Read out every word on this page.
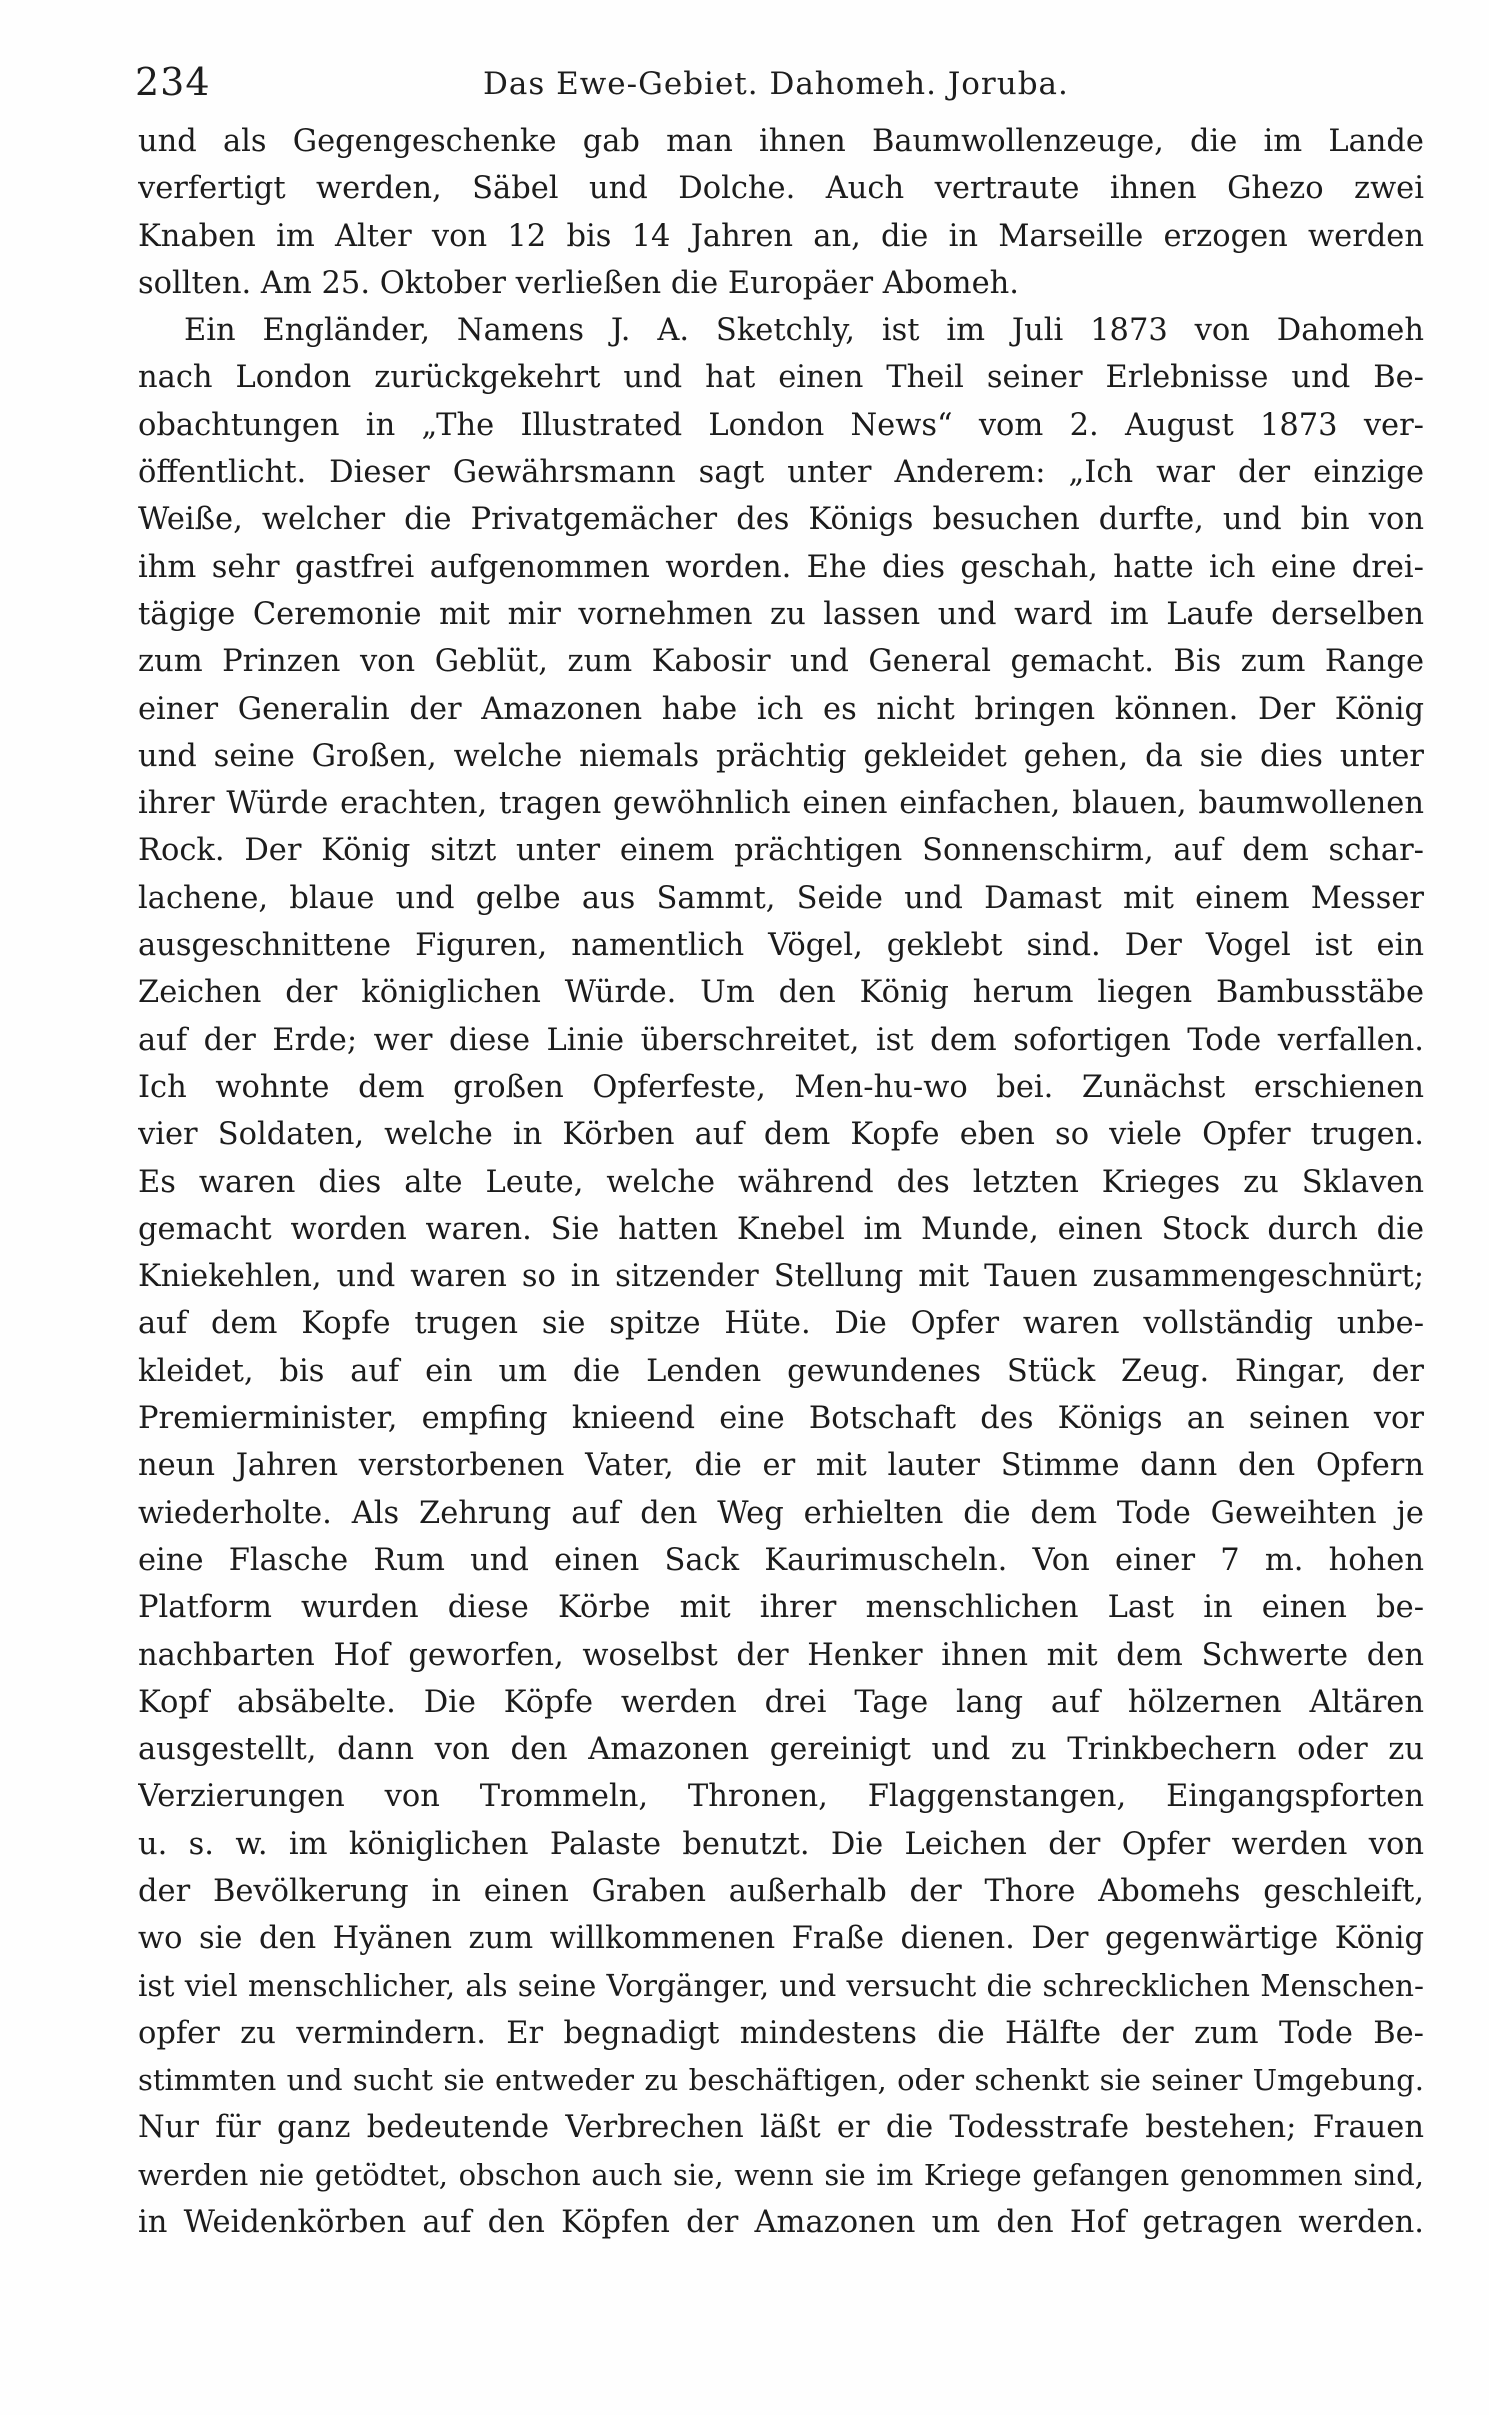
234	Das Ewe-Gebiet. Dahomeh. Joruba.
und als Gegengeschenke gab man ihnen Baumwollenzeuge, die im Lande
verfertigt werden, Säbel und Dolche. Auch vertraute ihnen Ghezo zwei
Knaben im Alter von 12 bis 14 Jahren an, die in Marseille erzogen werden
sollten. Am 25. Oktober verließen die Europäer Abomeh.
Ein Engländer, Namens J. A. Sketchly, ist im Juli 1873 von Dahomeh
nach London zurückgekehrt und hat einen Theil seiner Erlebnisse und Be-
obachtungen in „The Illustrated London News“ vom 2. August 1873 ver-
öffentlicht. Dieser Gewährsmann sagt unter Anderem: „Ich war der einzige
Weiße, welcher die Privatgemächer des Königs besuchen durfte, und bin von
ihm sehr gastfrei aufgenommen worden. Ehe dies geschah, hatte ich eine drei-
tägige Ceremonie mit mir vornehmen zu lassen und ward im Laufe derselben
zum Prinzen von Geblüt, zum Kabosir und General gemacht. Bis zum Range
einer Generalin der Amazonen habe ich es nicht bringen können. Der König
und seine Großen, welche niemals prächtig gekleidet gehen, da sie dies unter
ihrer Würde erachten, tragen gewöhnlich einen einfachen, blauen, baumwollenen
Rock. Der König sitzt unter einem prächtigen Sonnenschirm, auf dem schar-
lachene, blaue und gelbe aus Sammt, Seide und Damast mit einem Messer
ausgeschnittene Figuren, namentlich Vögel, geklebt sind. Der Vogel ist ein
Zeichen der königlichen Würde. Um den König herum liegen Bambusstäbe
auf der Erde; wer diese Linie überschreitet, ist dem sofortigen Tode verfallen.
Ich wohnte dem großen Opferfeste, Men-hu-wo bei. Zunächst erschienen
vier Soldaten, welche in Körben auf dem Kopfe eben so viele Opfer trugen.
Es waren dies alte Leute, welche während des letzten Krieges zu Sklaven
gemacht worden waren. Sie hatten Knebel im Munde, einen Stock durch die
Kniekehlen, und waren so in sitzender Stellung mit Tauen zusammengeschnürt;
auf dem Kopfe trugen sie spitze Hüte. Die Opfer waren vollständig unbe-
kleidet, bis auf ein um die Lenden gewundenes Stück Zeug. Ringar, der
Premierminister, empfing knieend eine Botschaft des Königs an seinen vor
neun Jahren verstorbenen Vater, die er mit lauter Stimme dann den Opfern
wiederholte. Als Zehrung auf den Weg erhielten die dem Tode Geweihten je
eine Flasche Rum und einen Sack Kaurimuscheln. Von einer 7 m. hohen
Platform wurden diese Körbe mit ihrer menschlichen Last in einen be-
nachbarten Hof geworfen, woselbst der Henker ihnen mit dem Schwerte den
Kopf absäbelte. Die Köpfe werden drei Tage lang auf hölzernen Altären
ausgestellt, dann von den Amazonen gereinigt und zu Trinkbechern oder zu
Verzierungen von Trommeln, Thronen, Flaggenstangen, Eingangspforten
u. s. w. im königlichen Palaste benutzt. Die Leichen der Opfer werden von
der Bevölkerung in einen Graben außerhalb der Thore Abomehs geschleift,
wo sie den Hyänen zum willkommenen Fraße dienen. Der gegenwärtige König
ist viel menschlicher, als seine Vorgänger, und versucht die schrecklichen Menschen-
opfer zu vermindern. Er begnadigt mindestens die Hälfte der zum Tode Be-
stimmten und sucht sie entweder zu beschäftigen, oder schenkt sie seiner Umgebung.
Nur für ganz bedeutende Verbrechen läßt er die Todesstrafe bestehen; Frauen
werden nie getödtet, obschon auch sie, wenn sie im Kriege gefangen genommen sind,
in Weidenkörben auf den Köpfen der Amazonen um den Hof getragen werden.
